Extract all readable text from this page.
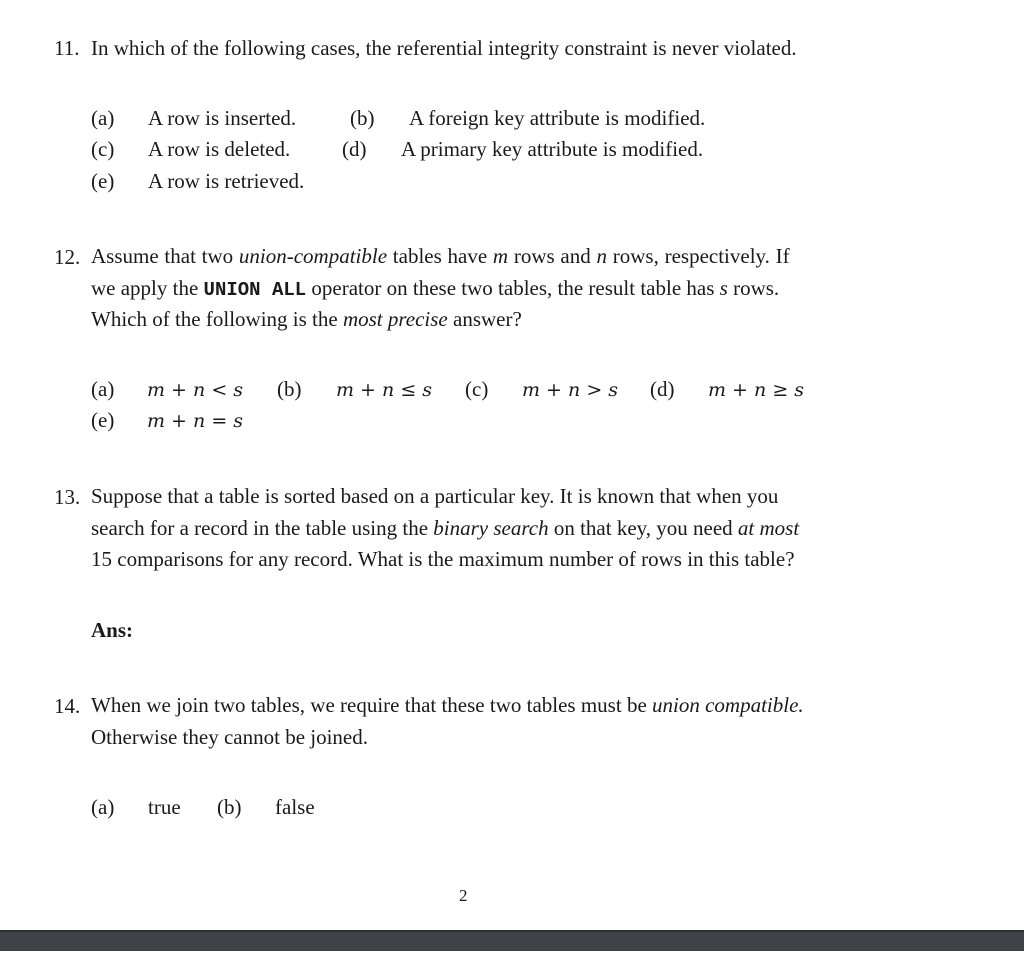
11. In which of the following cases, the referential integrity constraint is never violated.
(a) A row is inserted.	(b) A foreign key attribute is modified.
(c) A row is deleted. (d) A primary key attribute is modified.
(e) A row is retrieved.
12. Assume that two union-compatible tables have m rows and n rows, respectively. If
we apply the UNION ALL operator on these two tables, the result table has s rows.
Which of the following is the most precise answer?
(a) m + n < s (b) m + n ≤ s (c) m + n > s (d) m + n ≥ s
(e) m + n = s
13. Suppose that a table is sorted based on a particular key. It is known that when you
search for a record in the table using the binary search on that key, you need at most
15 comparisons for any record. What is the maximum number of rows in this table?
Ans:
14. When we join two tables, we require that these two tables must be union compatible.
Otherwise they cannot be joined.
(a) true (b) false
2
